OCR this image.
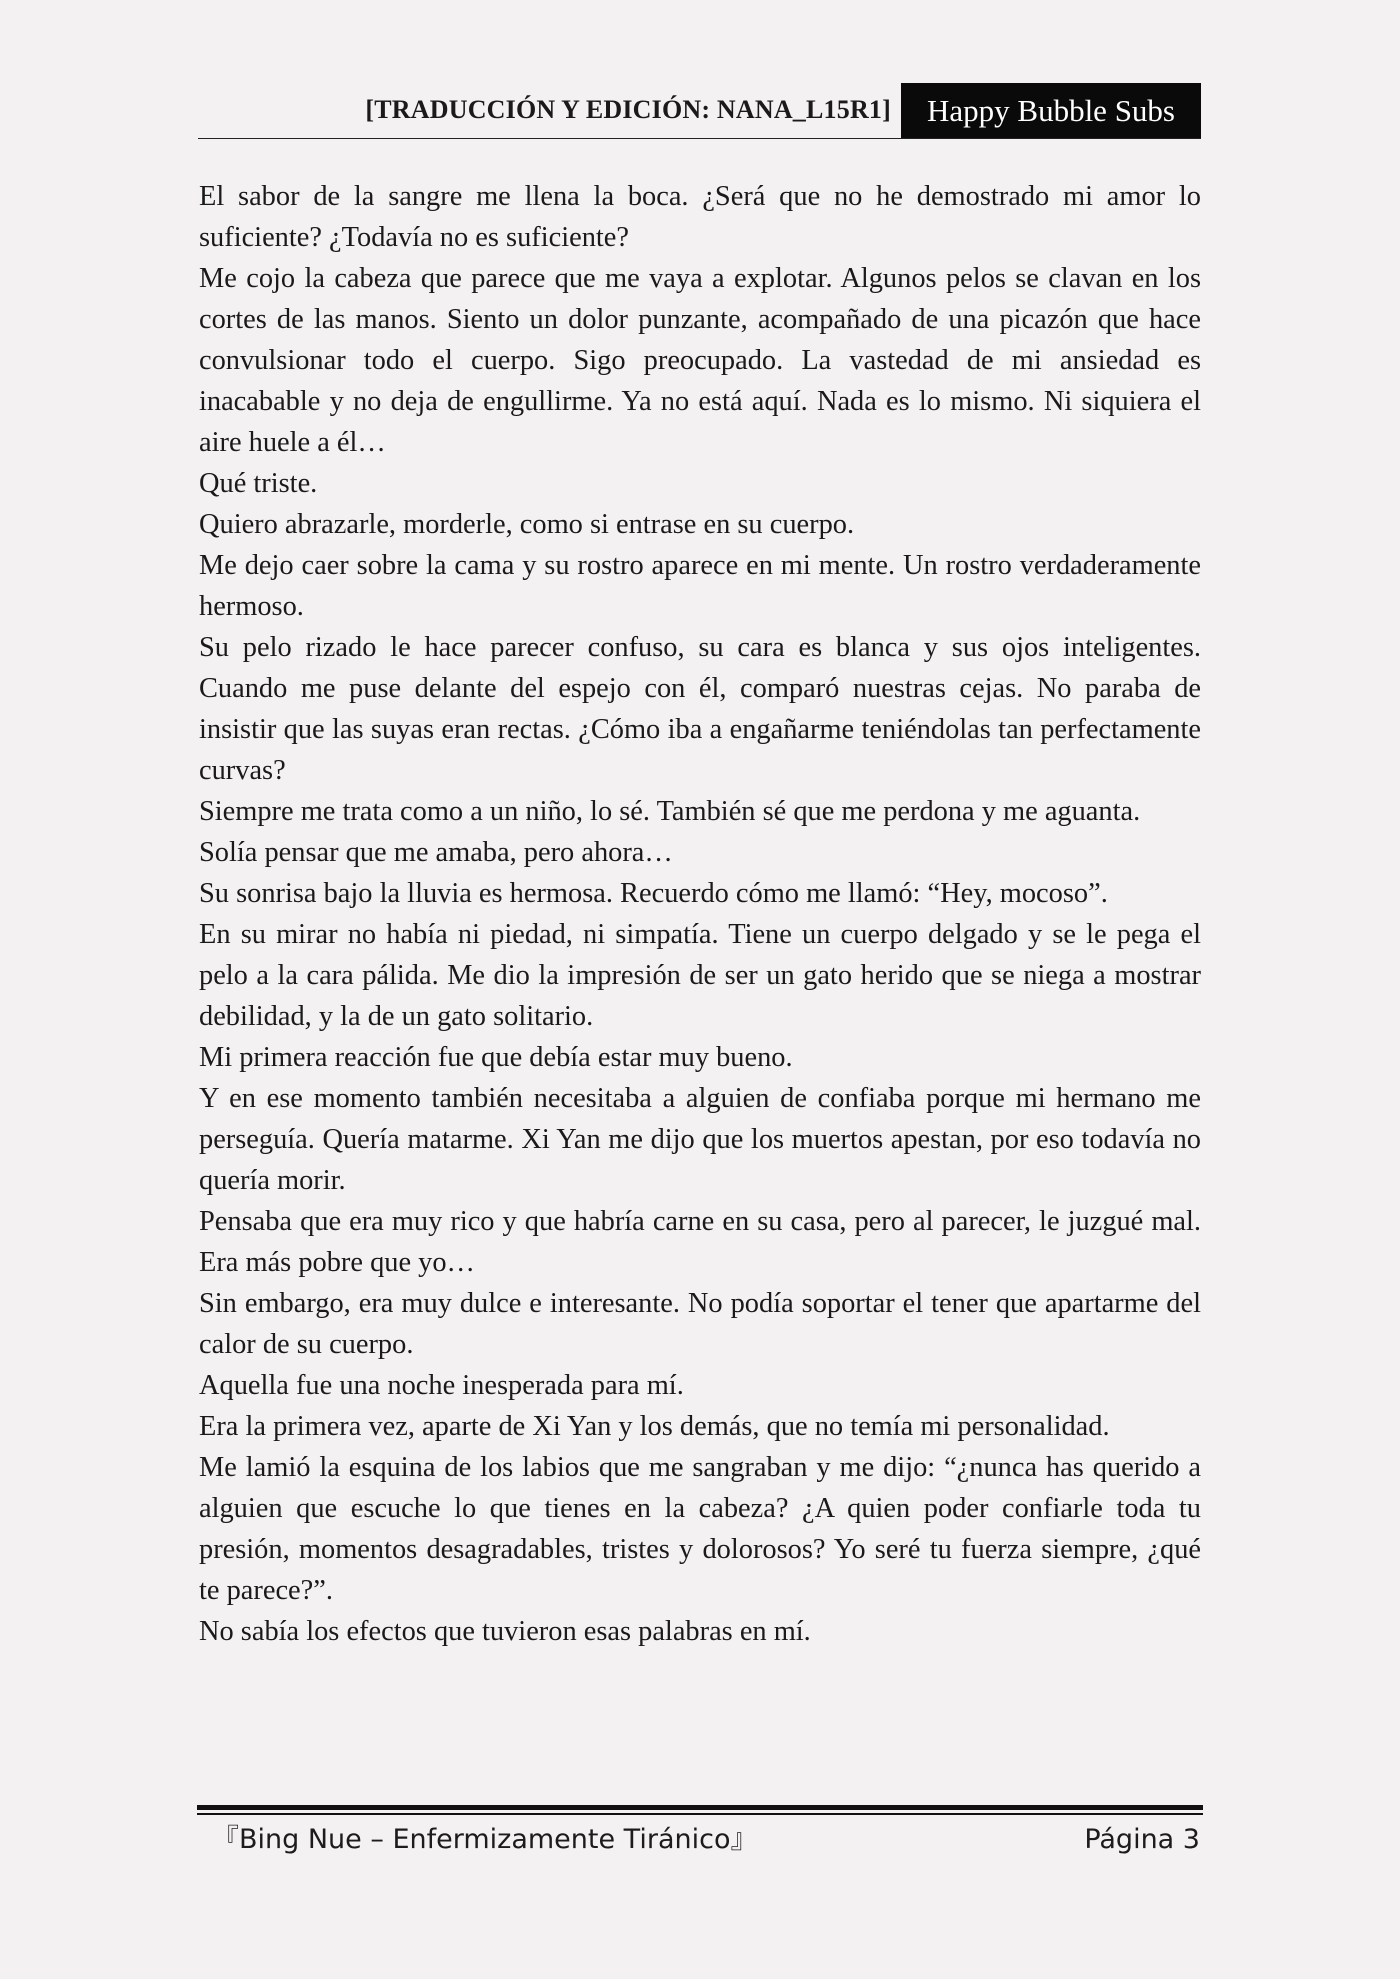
[TRADUCCIÓN Y EDICIÓN: NANA_L15R1]	Happy Bubble Subs

El sabor de la sangre me llena la boca. ¿Será que no he demostrado mi amor lo suficiente? ¿Todavía no es suficiente?

Me cojo la cabeza que parece que me vaya a explotar. Algunos pelos se clavan en los cortes de las manos. Siento un dolor punzante, acompañado de una picazón que hace convulsionar todo el cuerpo. Sigo preocupado. La vastedad de mi ansiedad es inacabable y no deja de engullirme. Ya no está aquí. Nada es lo mismo. Ni siquiera el aire huele a él…

Qué triste.

Quiero abrazarle, morderle, como si entrase en su cuerpo.

Me dejo caer sobre la cama y su rostro aparece en mi mente. Un rostro verdaderamente hermoso.

Su pelo rizado le hace parecer confuso, su cara es blanca y sus ojos inteligentes. Cuando me puse delante del espejo con él, comparó nuestras cejas. No paraba de insistir que las suyas eran rectas. ¿Cómo iba a engañarme teniéndolas tan perfectamente curvas?

Siempre me trata como a un niño, lo sé. También sé que me perdona y me aguanta.

Solía pensar que me amaba, pero ahora…

Su sonrisa bajo la lluvia es hermosa. Recuerdo cómo me llamó: “Hey, mocoso”.

En su mirar no había ni piedad, ni simpatía. Tiene un cuerpo delgado y se le pega el pelo a la cara pálida. Me dio la impresión de ser un gato herido que se niega a mostrar debilidad, y la de un gato solitario.

Mi primera reacción fue que debía estar muy bueno.

Y en ese momento también necesitaba a alguien de confiaba porque mi hermano me perseguía. Quería matarme. Xi Yan me dijo que los muertos apestan, por eso todavía no quería morir.

Pensaba que era muy rico y que habría carne en su casa, pero al parecer, le juzgué mal. Era más pobre que yo…

Sin embargo, era muy dulce e interesante. No podía soportar el tener que apartarme del calor de su cuerpo.

Aquella fue una noche inesperada para mí.

Era la primera vez, aparte de Xi Yan y los demás, que no temía mi personalidad.

Me lamió la esquina de los labios que me sangraban y me dijo: “¿nunca has querido a alguien que escuche lo que tienes en la cabeza? ¿A quien poder confiarle toda tu presión, momentos desagradables, tristes y dolorosos? Yo seré tu fuerza siempre, ¿qué te parece?”.

No sabía los efectos que tuvieron esas palabras en mí.

『Bing Nue – Enfermizamente Tiránico』	Página 3
